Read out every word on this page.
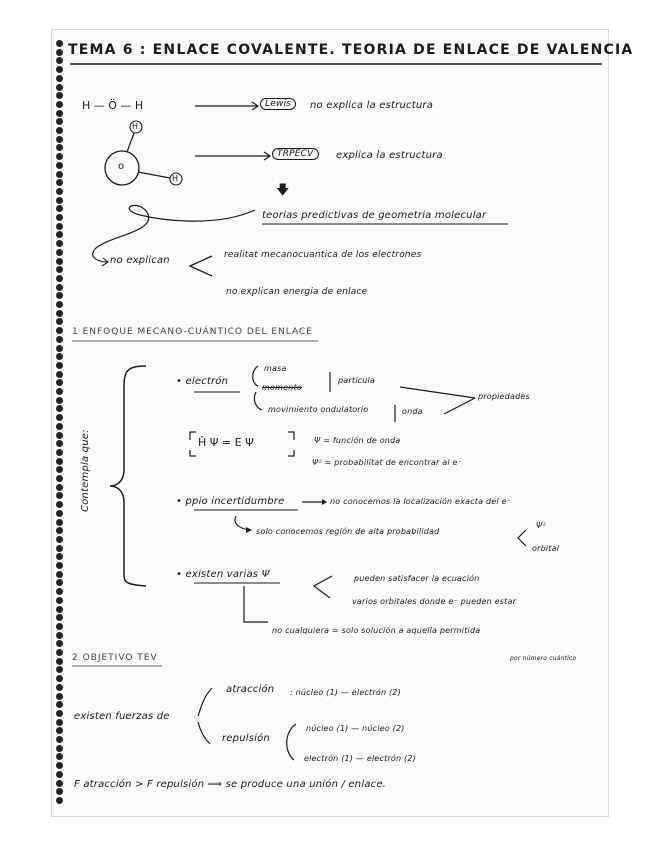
TEMA 6 : ENLACE COVALENTE. TEORIA DE ENLACE DE VALENCIA
H — Ö — H
H
o
H
Lewis	no explica la estructura
TRPECV	explica la estructura
🡇
teorias predictivas de geometria molecular
no explican	realitat mecanocuantica de los electrones
no explican energia de enlace
1 ENFOQUE MECANO-CUÁNTICO DEL ENLACE
Contempla que:
• electrón
masa
momento
particula
movimiento ondulatorio	onda
propiedades
Ĥ Ψ = E Ψ	Ψ = función de onda
Ψ² = probabilitat de encontrar al e⁻
• ppio incertidumbre	no conocemos la localización exacta del e⁻
solo conocemos región de alta probabilidad
Ψ²
orbital
• existen varias Ψ	pueden satisfacer la ecuación
varios orbitales donde e⁻ pueden estar
no cualquiera = solo solución a aquella permitida
por número cuántico
2 OBJETIVO TEV
existen fuerzas de
atracción : núcleo (1) — electrón (2)
repulsión
núcleo (1) — núcleo (2)
electrón (1) — electrón (2)
F atracción > F repulsión ⟹ se produce una unión / enlace.
